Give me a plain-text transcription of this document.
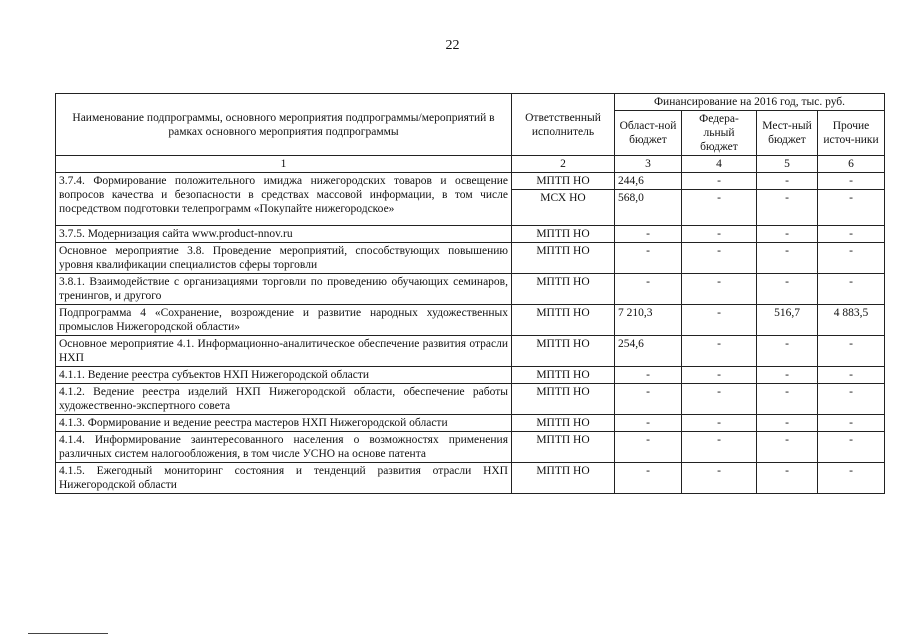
22
Наименование подпрограммы, основного мероприятия подпрограммы/мероприятий в рамках основного мероприятия подпрограммы	Ответственный исполнитель	Финансирование на 2016 год, тыс. руб.			
		Област-ной бюджет	Федера-льный бюджет	Мест-ный бюджет	Прочие источ-ники
1	2	3	4	5	6
3.7.4. Формирование положительного имиджа нижегородских товаров и освещение вопросов качества и безопасности в средствах массовой информации, в том числе посредством подготовки телепрограмм «Покупайте нижегородское»	МПТП НО	244,6	-	-	-
	МСХ НО	568,0	-	-	-
3.7.5. Модернизация сайта www.product-nnov.ru	МПТП НО	-	-	-	-
Основное мероприятие 3.8. Проведение мероприятий, способствующих повышению уровня квалификации специалистов сферы торговли	МПТП НО	-	-	-	-
3.8.1. Взаимодействие с организациями торговли по проведению обучающих семинаров, тренингов, и другого	МПТП НО	-	-	-	-
Подпрограмма 4 «Сохранение, возрождение и развитие народных художественных промыслов Нижегородской области»	МПТП НО	7 210,3	-	516,7	4 883,5
Основное мероприятие 4.1. Информационно-аналитическое обеспечение развития отрасли НХП	МПТП НО	254,6	-	-	-
4.1.1. Ведение реестра субъектов НХП Нижегородской области	МПТП НО	-	-	-	-
4.1.2. Ведение реестра изделий НХП Нижегородской области, обеспечение работы художественно-экспертного совета	МПТП НО	-	-	-	-
4.1.3. Формирование и ведение реестра мастеров НХП Нижегородской области	МПТП НО	-	-	-	-
4.1.4. Информирование заинтересованного населения о возможностях применения различных систем налогообложения, в том числе УСНО на основе патента	МПТП НО	-	-	-	-
4.1.5. Ежегодный мониторинг состояния и тенденций развития отрасли НХП Нижегородской области	МПТП НО	-	-	-	-
